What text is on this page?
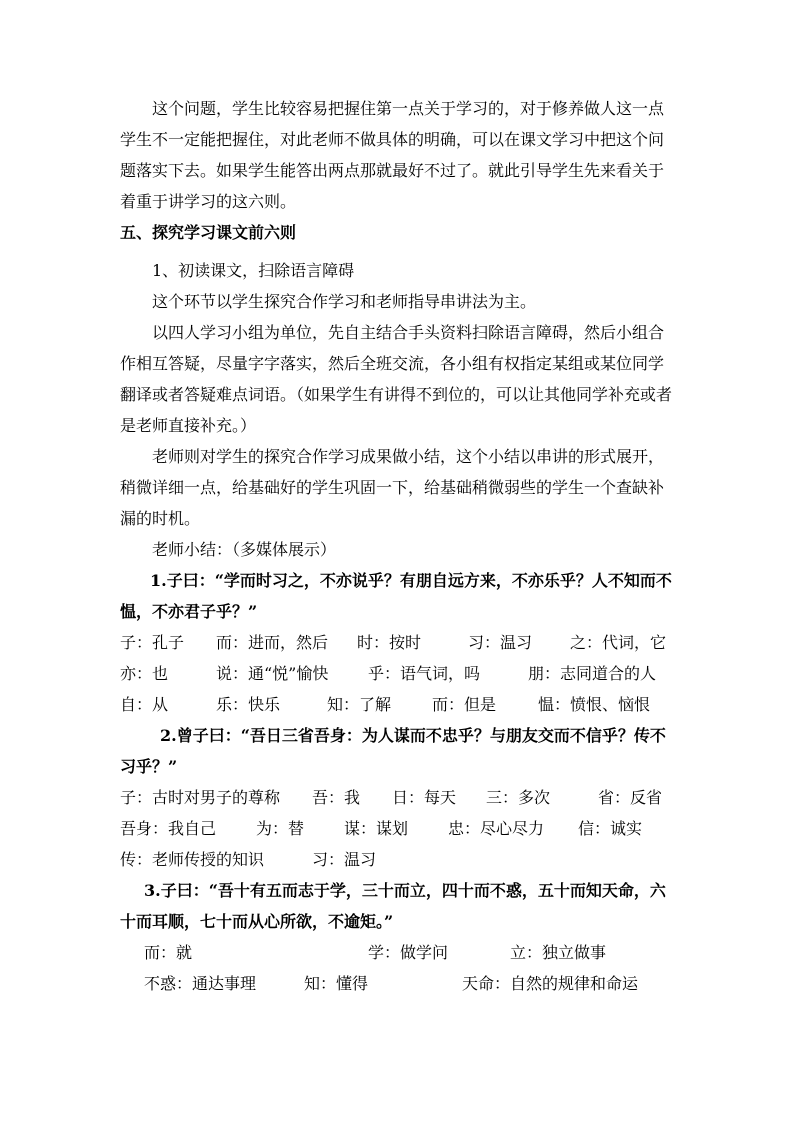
这个问题，学生比较容易把握住第一点关于学习的，对于修养做人这一点学生不一定能把握住，对此老师不做具体的明确，可以在课文学习中把这个问题落实下去。如果学生能答出两点那就最好不过了。就此引导学生先来看关于着重于讲学习的这六则。

五、探究学习课文前六则

1、初读课文，扫除语言障碍

这个环节以学生探究合作学习和老师指导串讲法为主。

以四人学习小组为单位，先自主结合手头资料扫除语言障碍，然后小组合作相互答疑，尽量字字落实，然后全班交流，各小组有权指定某组或某位同学翻译或者答疑难点词语。（如果学生有讲得不到位的，可以让其他同学补充或者是老师直接补充。）

老师则对学生的探究合作学习成果做小结，这个小结以串讲的形式展开，稍微详细一点，给基础好的学生巩固一下，给基础稍微弱些的学生一个查缺补漏的时机。

老师小结：（多媒体展示）

1.子曰：“学而时习之，不亦说乎？有朋自远方来，不亦乐乎？人不知而不愠，不亦君子乎？”

子：孔子 而：进而，然后 时：按时	习：温习 之：代词，它
亦：也	说：通“悦”愉快 乎：语气词，吗	朋：志同道合的人
自：从	乐：快乐	知：了解	而：但是	愠：愤恨、恼恨

2.曾子曰：“吾日三省吾身：为人谋而不忠乎？与朋友交而不信乎？传不习乎？”

子：古时对男子的尊称 吾：我 日：每天 三：多次	省：反省
吾身：我自己 为：替 谋：谋划 忠：尽心尽力 信：诚实
传：老师传授的知识	习：温习

3.子曰：“吾十有五而志于学，三十而立，四十而不惑，五十而知天命，六十而耳顺，七十而从心所欲，不逾矩。”

而：就	学：做学问	立：独立做事
不惑：通达事理	知：懂得	天命：自然的规律和命运
